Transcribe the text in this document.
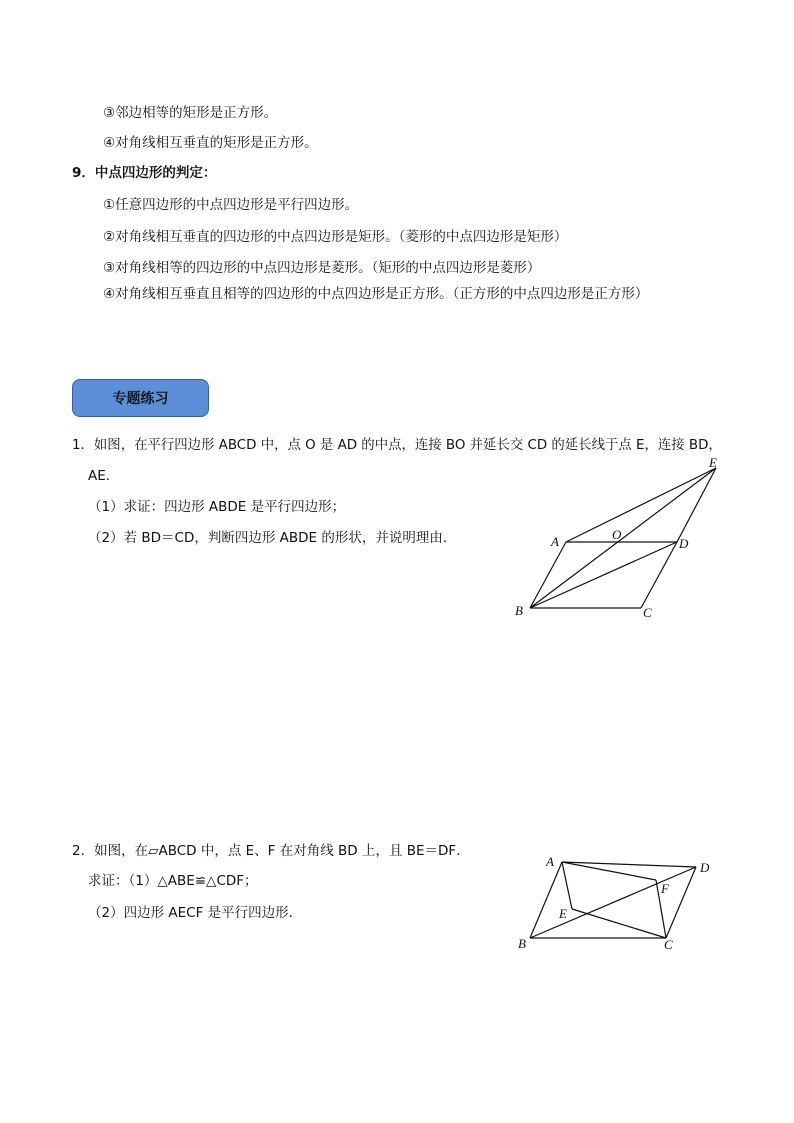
③邻边相等的矩形是正方形。
④对角线相互垂直的矩形是正方形。
9．中点四边形的判定：
①任意四边形的中点四边形是平行四边形。
②对角线相互垂直的四边形的中点四边形是矩形。（菱形的中点四边形是矩形）
③对角线相等的四边形的中点四边形是菱形。（矩形的中点四边形是菱形）
④对角线相互垂直且相等的四边形的中点四边形是正方形。（正方形的中点四边形是正方形）
专题练习
1．如图，在平行四边形 ABCD 中，点 O 是 AD 的中点，连接 BO 并延长交 CD 的延长线于点 E，连接 BD，
AE．
（1）求证：四边形 ABDE 是平行四边形；
（2）若 BD＝CD，判断四边形 ABDE 的形状，并说明理由．
E
A	O
D
B	C
2．如图，在▱ABCD 中，点 E、F 在对角线 BD 上，且 BE＝DF．
求证：（1）△ABE≌△CDF；
（2）四边形 AECF 是平行四边形．
A	D
F
E
B	C
